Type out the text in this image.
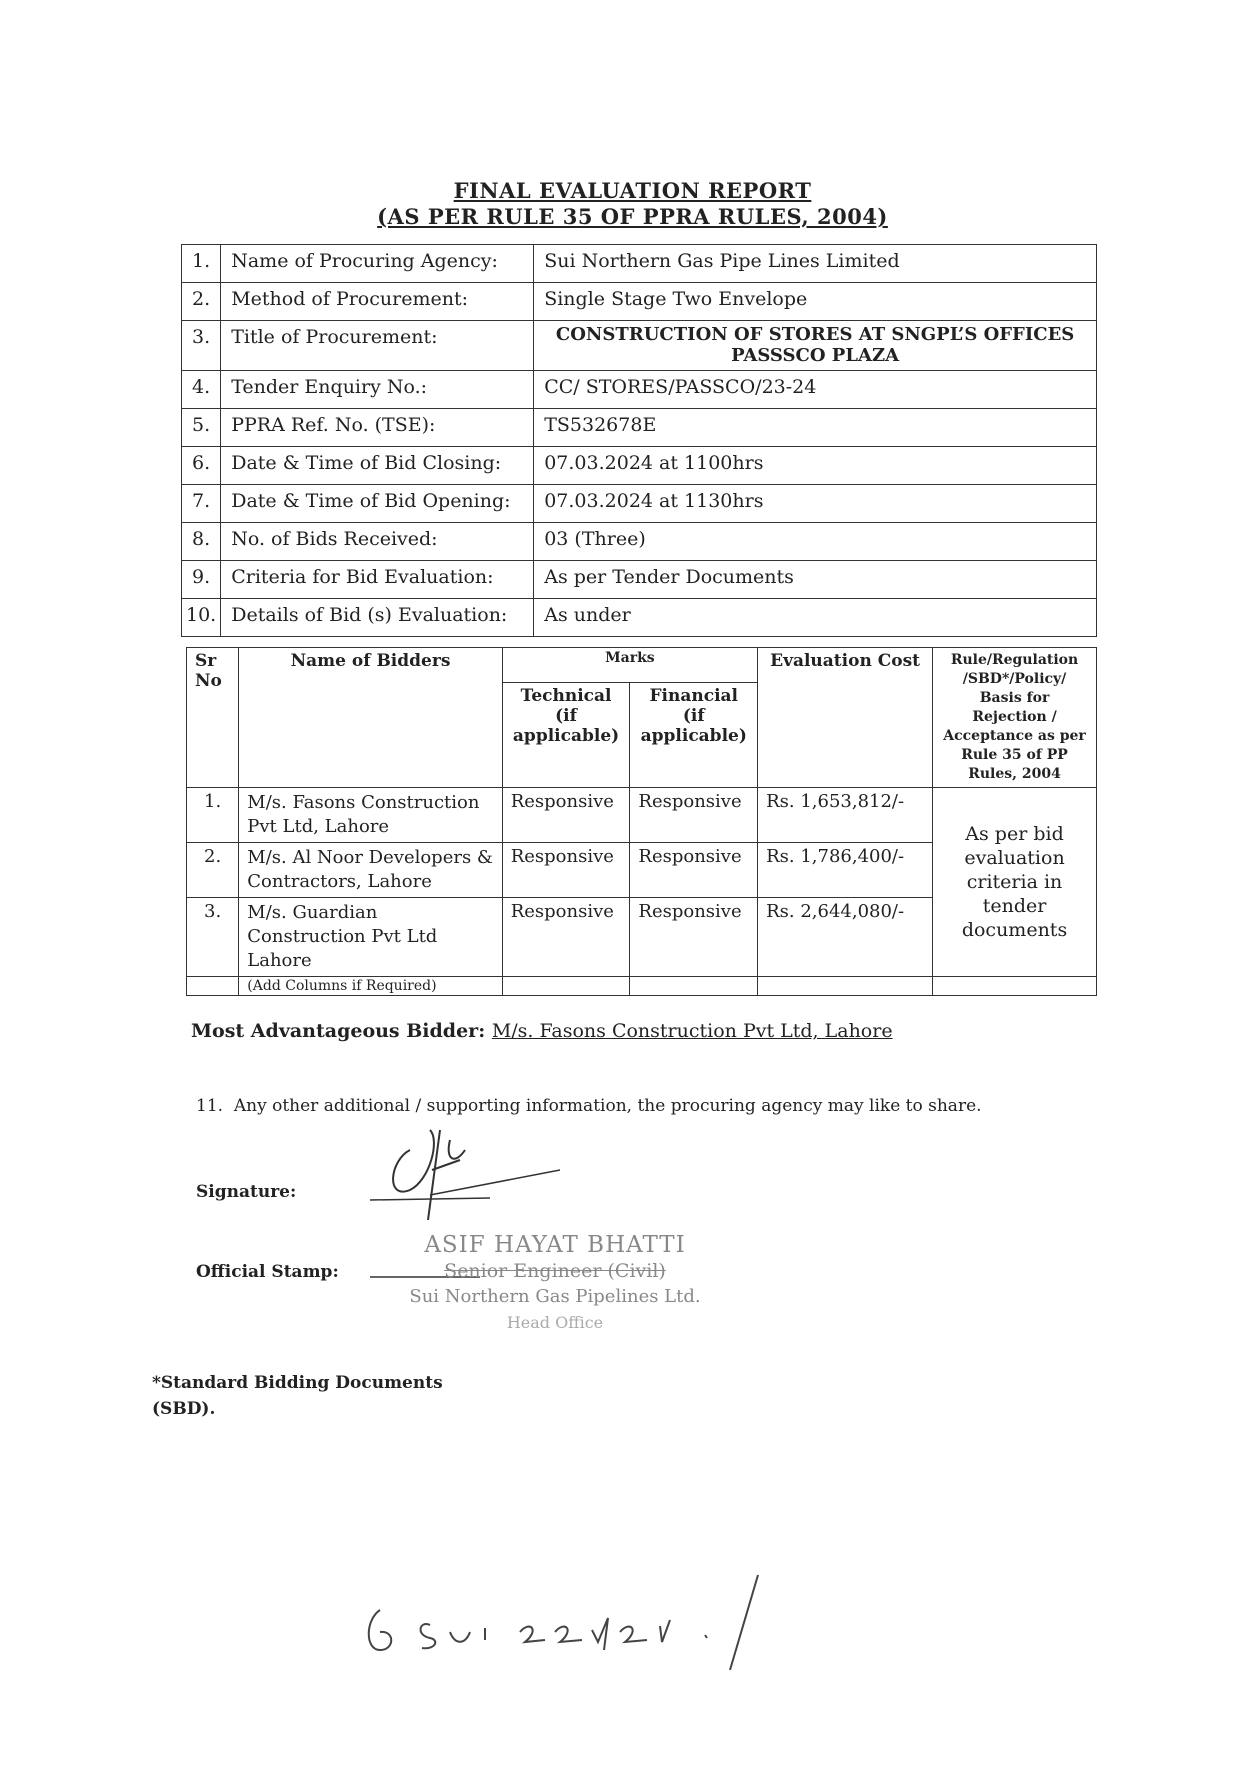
FINAL EVALUATION REPORT
(AS PER RULE 35 OF PPRA RULES, 2004)
1.	Name of Procuring Agency:	Sui Northern Gas Pipe Lines Limited
2.	Method of Procurement:	Single Stage Two Envelope
3.	Title of Procurement:	CONSTRUCTION OF STORES AT SNGPL’S OFFICES PASSSCO PLAZA
4.	Tender Enquiry No.:	CC/ STORES/PASSCO/23-24
5.	PPRA Ref. No. (TSE):	TS532678E
6.	Date & Time of Bid Closing:	07.03.2024 at 1100hrs
7.	Date & Time of Bid Opening:	07.03.2024 at 1130hrs
8.	No. of Bids Received:	03 (Three)
9.	Criteria for Bid Evaluation:	As per Tender Documents
10.	Details of Bid (s) Evaluation:	As under
Sr No	Name of Bidders	Marks		Evaluation Cost	Rule/Regulation /SBD*/Policy/ Basis for Rejection / Acceptance as per Rule 35 of PP Rules, 2004
		Technical (if applicable)	Financial (if applicable)		
1.	M/s. Fasons Construction Pvt Ltd, Lahore	Responsive	Responsive	Rs. 1,653,812/-	As per bid evaluation criteria in tender documents
2.	M/s. Al Noor Developers & Contractors, Lahore	Responsive	Responsive	Rs. 1,786,400/-	
3.	M/s. Guardian Construction Pvt Ltd Lahore	Responsive	Responsive	Rs. 2,644,080/-	
	(Add Columns if Required)				
Most Advantageous Bidder: M/s. Fasons Construction Pvt Ltd, Lahore
11. Any other additional / supporting information, the procuring agency may like to share.
Signature:
Official Stamp:
ASIF HAYAT BHATTI
Senior Engineer (Civil)
Sui Northern Gas Pipelines Ltd.
Head Office
*Standard Bidding Documents
(SBD).
